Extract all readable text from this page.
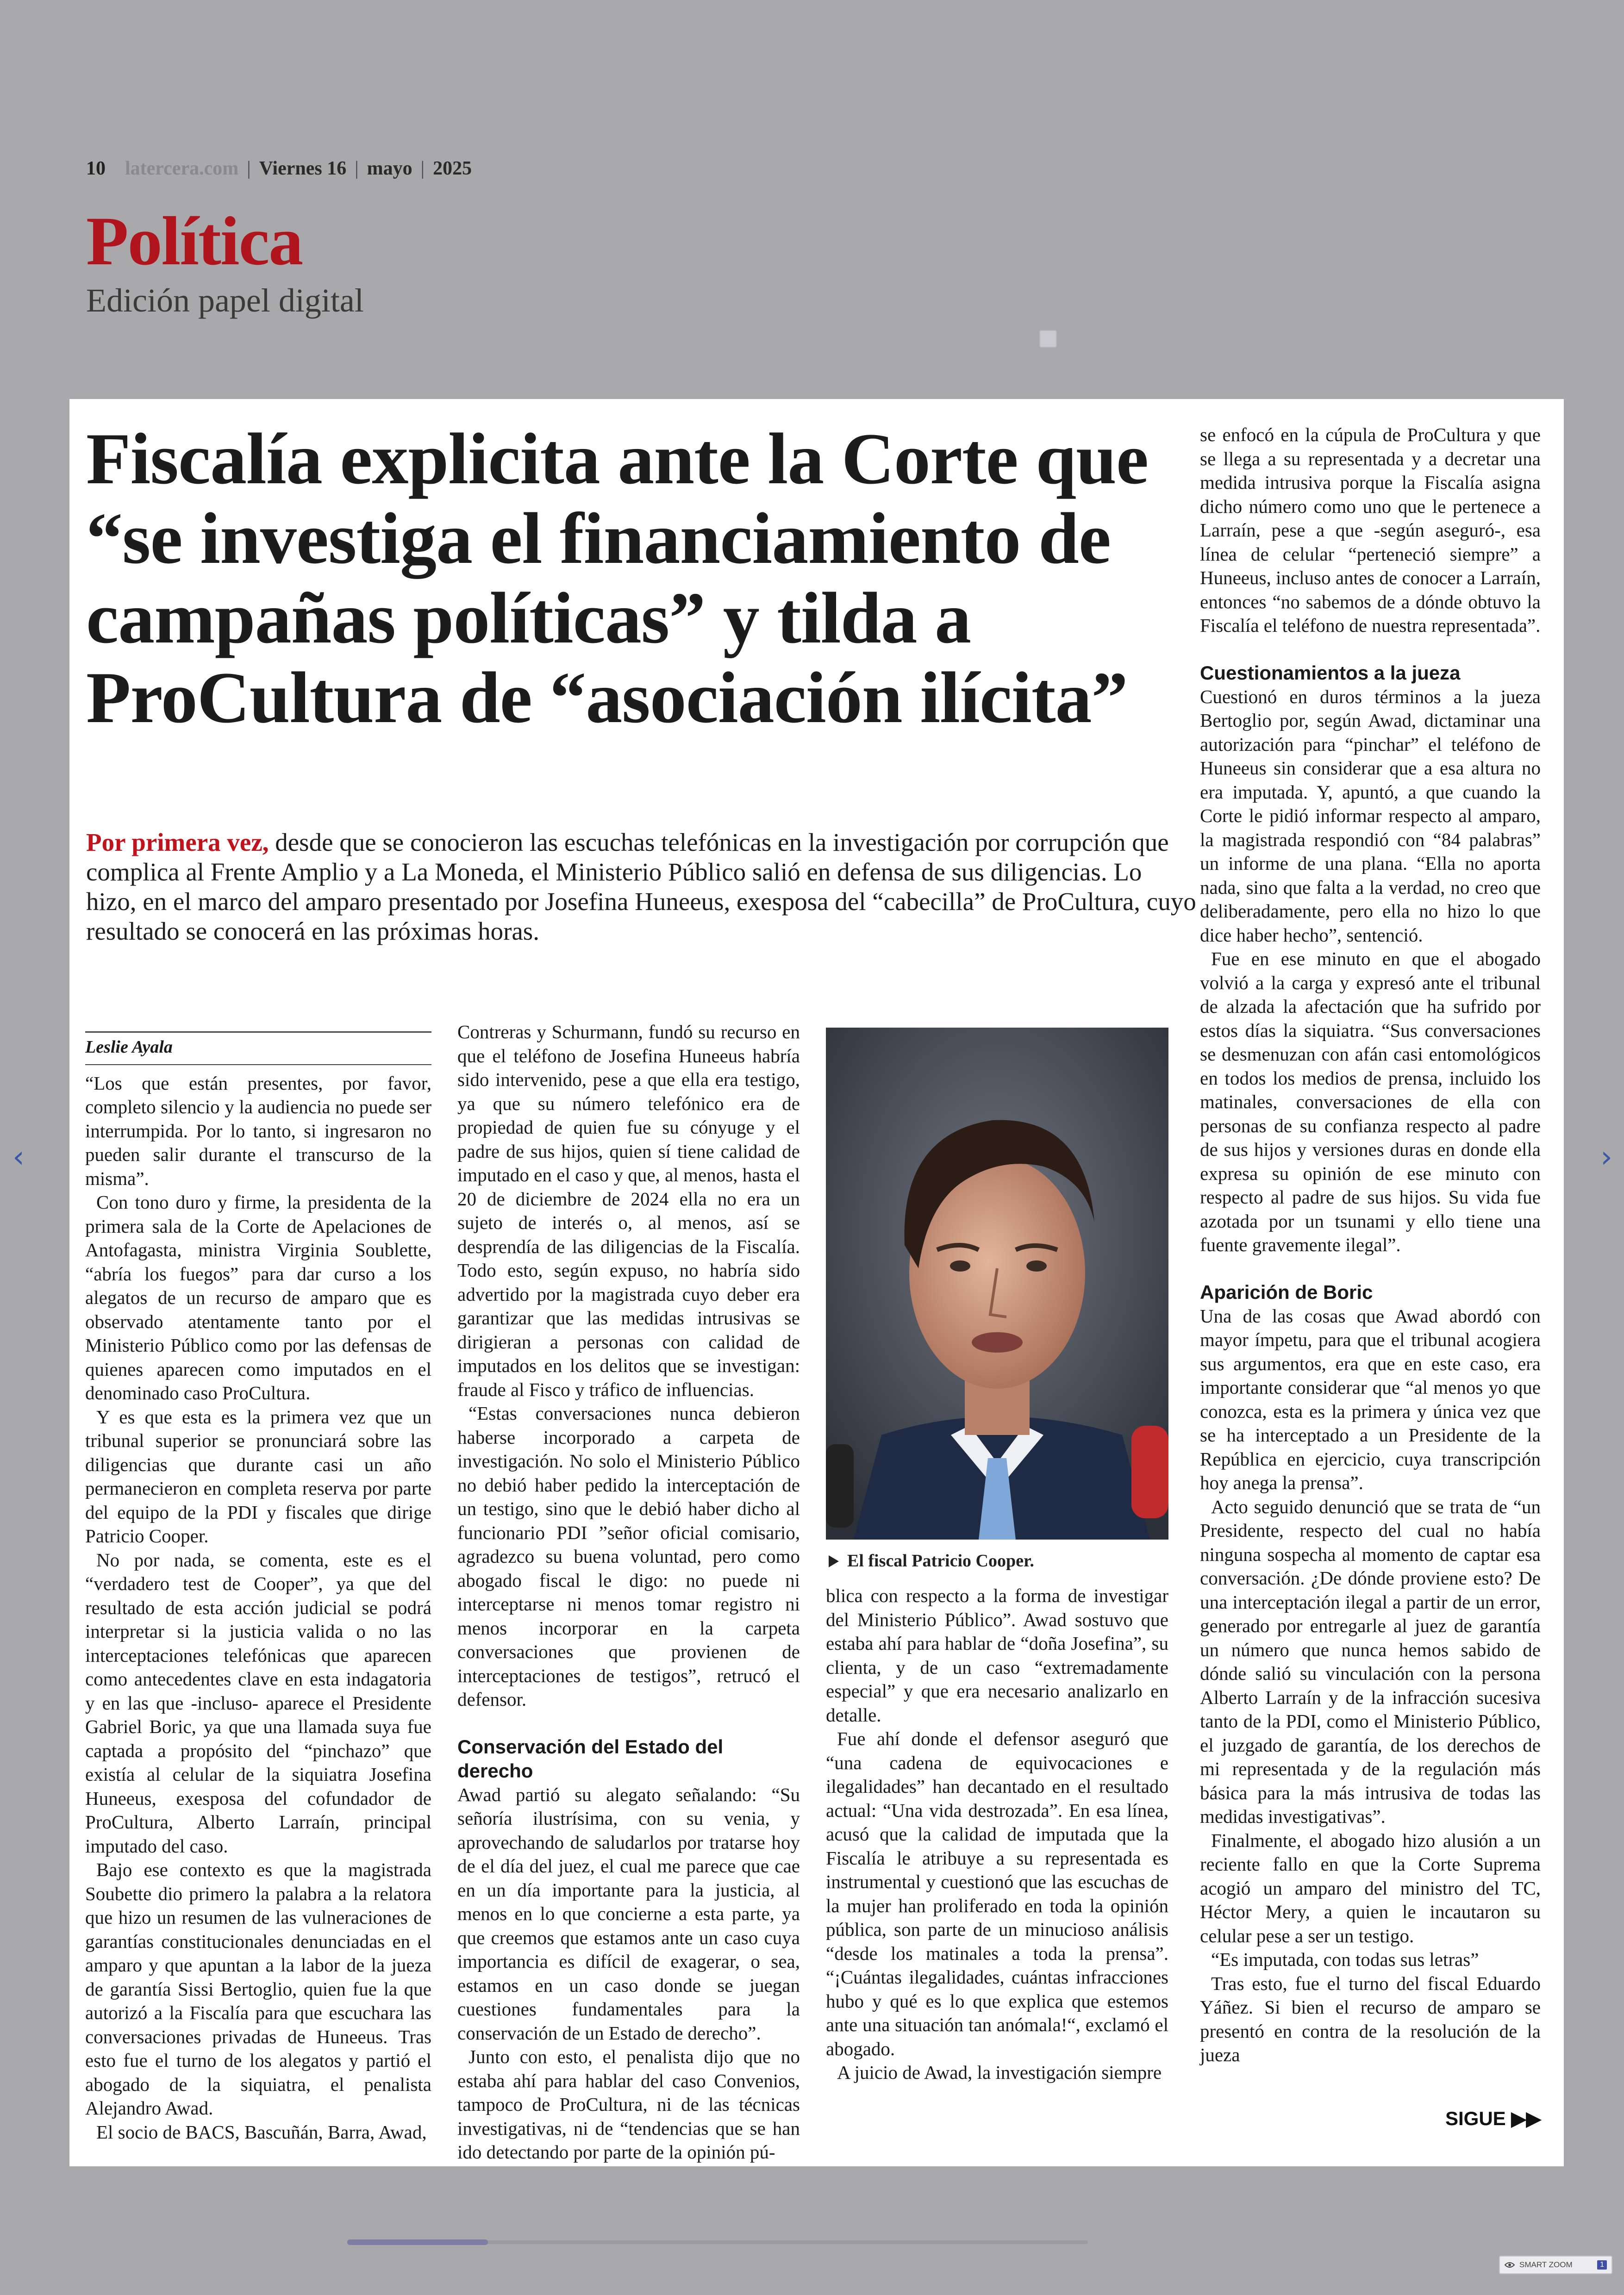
10 latercera.com | Viernes 16 | mayo | 2025
Política
Edición papel digital
‹	›
Fiscalía explicita ante la Corte que “se investiga el financiamiento de campañas políticas” y tilda a ProCultura de “asociación ilícita”

Por primera vez, desde que se conocieron las escuchas telefónicas en la investigación por corrupción que complica al Frente Amplio y a La Moneda, el Ministerio Público salió en defensa de sus diligencias. Lo hizo, en el marco del amparo presentado por Josefina Huneeus, exesposa del “cabecilla” de ProCultura, cuyo resultado se conocerá en las próximas horas.

Leslie Ayala

“Los que están presentes, por favor, completo silencio y la audiencia no puede ser interrumpida. Por lo tanto, si ingresaron no pueden salir durante el transcurso de la misma”.

Con tono duro y firme, la presidenta de la primera sala de la Corte de Apelaciones de Antofagasta, ministra Virginia Soublette, “abría los fuegos” para dar curso a los alegatos de un recurso de amparo que es observado atentamente tanto por el Ministerio Público como por las defensas de quienes aparecen como imputados en el denominado caso ProCultura.

Y es que esta es la primera vez que un tribunal superior se pronunciará sobre las diligencias que durante casi un año permanecieron en completa reserva por parte del equipo de la PDI y fiscales que dirige Patricio Cooper.

No por nada, se comenta, este es el “verdadero test de Cooper”, ya que del resultado de esta acción judicial se podrá interpretar si la justicia valida o no las interceptaciones telefónicas que aparecen como antecedentes clave en esta indagatoria y en las que -incluso- aparece el Presidente Gabriel Boric, ya que una llamada suya fue captada a propósito del “pinchazo” que existía al celular de la siquiatra Josefina Huneeus, exesposa del cofundador de ProCultura, Alberto Larraín, principal imputado del caso.

Bajo ese contexto es que la magistrada Soubette dio primero la palabra a la relatora que hizo un resumen de las vulneraciones de garantías constitucionales denunciadas en el amparo y que apuntan a la labor de la jueza de garantía Sissi Bertoglio, quien fue la que autorizó a la Fiscalía para que escuchara las conversaciones privadas de Huneeus. Tras esto fue el turno de los alegatos y partió el abogado de la siquiatra, el penalista Alejandro Awad.

El socio de BACS, Bascuñán, Barra, Awad,

Contreras y Schurmann, fundó su recurso en que el teléfono de Josefina Huneeus habría sido intervenido, pese a que ella era testigo, ya que su número telefónico era de propiedad de quien fue su cónyuge y el padre de sus hijos, quien sí tiene calidad de imputado en el caso y que, al menos, hasta el 20 de diciembre de 2024 ella no era un sujeto de interés o, al menos, así se desprendía de las diligencias de la Fiscalía. Todo esto, según expuso, no habría sido advertido por la magistrada cuyo deber era garantizar que las medidas intrusivas se dirigieran a personas con calidad de imputados en los delitos que se investigan: fraude al Fisco y tráfico de influencias.

“Estas conversaciones nunca debieron haberse incorporado a carpeta de investigación. No solo el Ministerio Público no debió haber pedido la interceptación de un testigo, sino que le debió haber dicho al funcionario PDI ”señor oficial comisario, agradezco su buena voluntad, pero como abogado fiscal le digo: no puede ni interceptarse ni menos tomar registro ni menos incorporar en la carpeta conversaciones que provienen de interceptaciones de testigos”, retrucó el defensor.

Conservación del Estado del derecho

Awad partió su alegato señalando: “Su señoría ilustrísima, con su venia, y aprovechando de saludarlos por tratarse hoy de el día del juez, el cual me parece que cae en un día importante para la justicia, al menos en lo que concierne a esta parte, ya que creemos que estamos ante un caso cuya importancia es difícil de exagerar, o sea, estamos en un caso donde se juegan cuestiones fundamentales para la conservación de un Estado de derecho”.

Junto con esto, el penalista dijo que no estaba ahí para hablar del caso Convenios, tampoco de ProCultura, ni de las técnicas investigativas, ni de “tendencias que se han ido detectando por parte de la opinión pú-

El fiscal Patricio Cooper.

blica con respecto a la forma de investigar del Ministerio Público”. Awad sostuvo que estaba ahí para hablar de “doña Josefina”, su clienta, y de un caso “extremadamente especial” y que era necesario analizarlo en detalle.

Fue ahí donde el defensor aseguró que “una cadena de equivocaciones e ilegalidades” han decantado en el resultado actual: “Una vida destrozada”. En esa línea, acusó que la calidad de imputada que la Fiscalía le atribuye a su representada es instrumental y cuestionó que las escuchas de la mujer han proliferado en toda la opinión pública, son parte de un minucioso análisis “desde los matinales a toda la prensa”. “¡Cuántas ilegalidades, cuántas infracciones hubo y qué es lo que explica que estemos ante una situación tan anómala!“, exclamó el abogado.

A juicio de Awad, la investigación siempre

se enfocó en la cúpula de ProCultura y que se llega a su representada y a decretar una medida intrusiva porque la Fiscalía asigna dicho número como uno que le pertenece a Larraín, pese a que -según aseguró-, esa línea de celular “perteneció siempre” a Huneeus, incluso antes de conocer a Larraín, entonces “no sabemos de a dónde obtuvo la Fiscalía el teléfono de nuestra representada”.

Cuestionamientos a la jueza

Cuestionó en duros términos a la jueza Bertoglio por, según Awad, dictaminar una autorización para “pinchar” el teléfono de Huneeus sin considerar que a esa altura no era imputada. Y, apuntó, a que cuando la Corte le pidió informar respecto al amparo, la magistrada respondió con “84 palabras” un informe de una plana. “Ella no aporta nada, sino que falta a la verdad, no creo que deliberadamente, pero ella no hizo lo que dice haber hecho”, sentenció.

Fue en ese minuto en que el abogado volvió a la carga y expresó ante el tribunal de alzada la afectación que ha sufrido por estos días la siquiatra. “Sus conversaciones se desmenuzan con afán casi entomológicos en todos los medios de prensa, incluido los matinales, conversaciones de ella con personas de su confianza respecto al padre de sus hijos y versiones duras en donde ella expresa su opinión de ese minuto con respecto al padre de sus hijos. Su vida fue azotada por un tsunami y ello tiene una fuente gravemente ilegal”.

Aparición de Boric

Una de las cosas que Awad abordó con mayor ímpetu, para que el tribunal acogiera sus argumentos, era que en este caso, era importante considerar que “al menos yo que conozca, esta es la primera y única vez que se ha interceptado a un Presidente de la República en ejercicio, cuya transcripción hoy anega la prensa”.

Acto seguido denunció que se trata de “un Presidente, respecto del cual no había ninguna sospecha al momento de captar esa conversación. ¿De dónde proviene esto? De una interceptación ilegal a partir de un error, generado por entregarle al juez de garantía un número que nunca hemos sabido de dónde salió su vinculación con la persona Alberto Larraín y de la infracción sucesiva tanto de la PDI, como el Ministerio Público, el juzgado de garantía, de los derechos de mi representada y de la regulación más básica para la más intrusiva de todas las medidas investigativas”.

Finalmente, el abogado hizo alusión a un reciente fallo en que la Corte Suprema acogió un amparo del ministro del TC, Héctor Mery, a quien le incautaron su celular pese a ser un testigo.

“Es imputada, con todas sus letras”

Tras esto, fue el turno del fiscal Eduardo Yáñez. Si bien el recurso de amparo se presentó en contra de la resolución de la jueza

SIGUE ▶▶
SMART ZOOM	1
